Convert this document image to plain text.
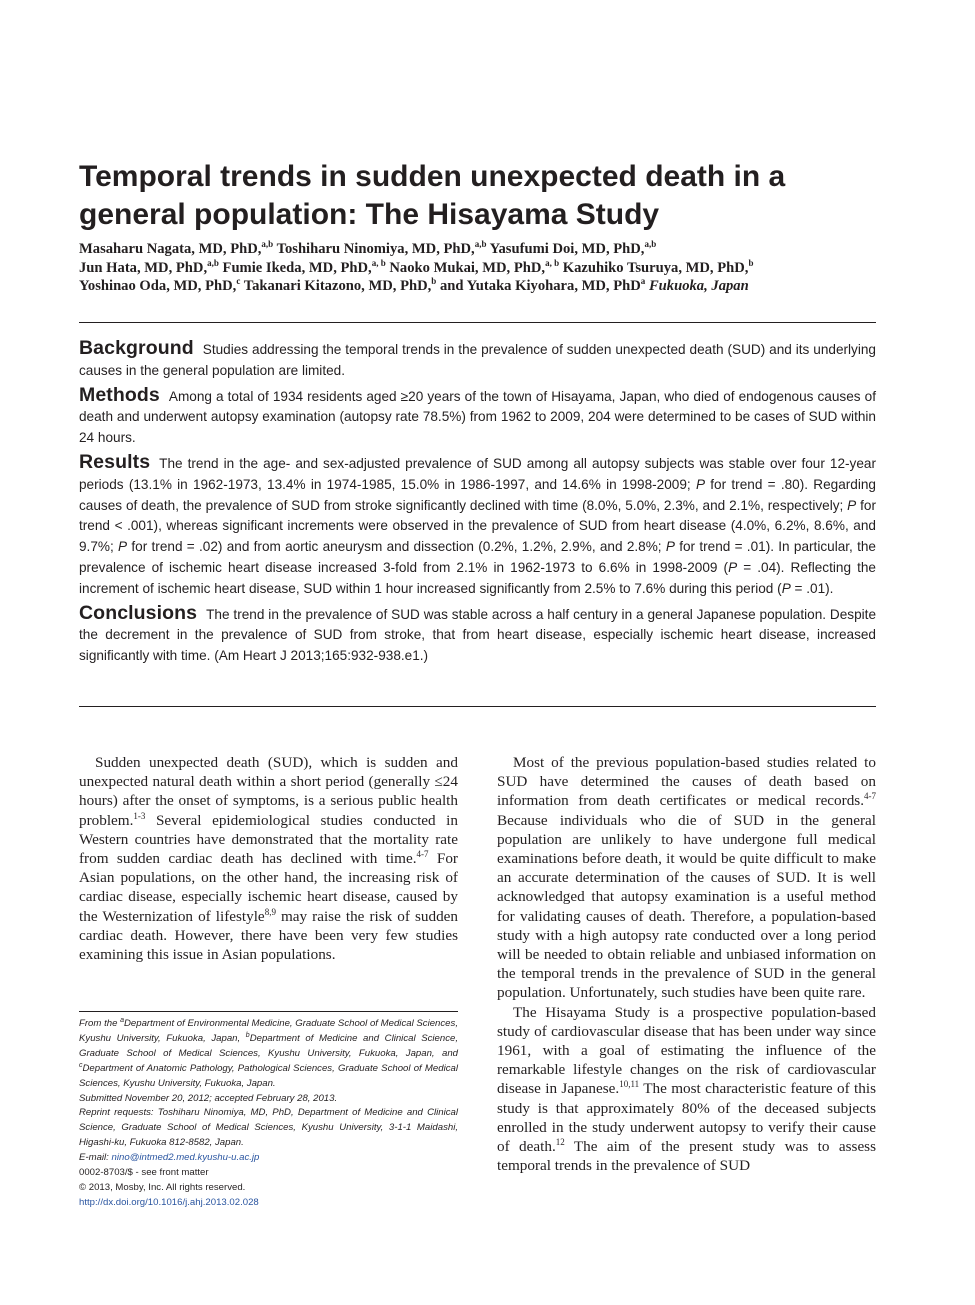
Temporal trends in sudden unexpected death in a general population: The Hisayama Study
Masaharu Nagata, MD, PhD,$^{a,b}$ Toshiharu Ninomiya, MD, PhD,$^{a,b}$ Yasufumi Doi, MD, PhD,$^{a,b}$
Jun Hata, MD, PhD,$^{a,b}$ Fumie Ikeda, MD, PhD,$^{a, b}$ Naoko Mukai, MD, PhD,$^{a, b}$ Kazuhiko Tsuruya, MD, PhD,$^b$
Yoshinao Oda, MD, PhD,$^c$ Takanari Kitazono, MD, PhD,$^b$ and Yutaka Kiyohara, MD, PhD$^a$ Fukuoka, Japan

Background Studies addressing the temporal trends in the prevalence of sudden unexpected death (SUD) and its underlying causes in the general population are limited.

Methods Among a total of 1934 residents aged ≥20 years of the town of Hisayama, Japan, who died of endogenous causes of death and underwent autopsy examination (autopsy rate 78.5%) from 1962 to 2009, 204 were determined to be cases of SUD within 24 hours.

Results The trend in the age- and sex-adjusted prevalence of SUD among all autopsy subjects was stable over four 12-year periods (13.1% in 1962-1973, 13.4% in 1974-1985, 15.0% in 1986-1997, and 14.6% in 1998-2009; P for trend = .80). Regarding causes of death, the prevalence of SUD from stroke significantly declined with time (8.0%, 5.0%, 2.3%, and 2.1%, respectively; P for trend < .001), whereas significant increments were observed in the prevalence of SUD from heart disease (4.0%, 6.2%, 8.6%, and 9.7%; P for trend = .02) and from aortic aneurysm and dissection (0.2%, 1.2%, 2.9%, and 2.8%; P for trend = .01). In particular, the prevalence of ischemic heart disease increased 3-fold from 2.1% in 1962-1973 to 6.6% in 1998-2009 (P = .04). Reflecting the increment of ischemic heart disease, SUD within 1 hour increased significantly from 2.5% to 7.6% during this period (P = .01).

Conclusions The trend in the prevalence of SUD was stable across a half century in a general Japanese population. Despite the decrement in the prevalence of SUD from stroke, that from heart disease, especially ischemic heart disease, increased significantly with time. (Am Heart J 2013;165:932-938.e1.)

Sudden unexpected death (SUD), which is sudden and unexpected natural death within a short period (generally ≤24 hours) after the onset of symptoms, is a serious public health problem.$^{1-3}$ Several epidemiological studies conducted in Western countries have demonstrated that the mortality rate from sudden cardiac death has declined with time.$^{4-7}$ For Asian populations, on the other hand, the increasing risk of cardiac disease, especially ischemic heart disease, caused by the Westernization of lifestyle$^{8,9}$ may raise the risk of sudden cardiac death. However, there have been very few studies examining this issue in Asian populations.

From the $^a$Department of Environmental Medicine, Graduate School of Medical Sciences, Kyushu University, Fukuoka, Japan, $^b$Department of Medicine and Clinical Science, Graduate School of Medical Sciences, Kyushu University, Fukuoka, Japan, and $^c$Department of Anatomic Pathology, Pathological Sciences, Graduate School of Medical Sciences, Kyushu University, Fukuoka, Japan.
Submitted November 20, 2012; accepted February 28, 2013.
Reprint requests: Toshiharu Ninomiya, MD, PhD, Department of Medicine and Clinical Science, Graduate School of Medical Sciences, Kyushu University, 3-1-1 Maidashi, Higashi-ku, Fukuoka 812-8582, Japan.
E-mail: nino@intmed2.med.kyushu-u.ac.jp
0002-8703/$ - see front matter
© 2013, Mosby, Inc. All rights reserved.
http://dx.doi.org/10.1016/j.ahj.2013.02.028

Most of the previous population-based studies related to SUD have determined the causes of death based on information from death certificates or medical records.$^{4-7}$ Because individuals who die of SUD in the general population are unlikely to have undergone full medical examinations before death, it would be quite difficult to make an accurate determination of the causes of SUD. It is well acknowledged that autopsy examination is a useful method for validating causes of death. Therefore, a population-based study with a high autopsy rate conducted over a long period will be needed to obtain reliable and unbiased information on the temporal trends in the prevalence of SUD in the general population. Unfortunately, such studies have been quite rare.

The Hisayama Study is a prospective population-based study of cardiovascular disease that has been under way since 1961, with a goal of estimating the influence of the remarkable lifestyle changes on the risk of cardiovascular disease in Japanese.$^{10,11}$ The most characteristic feature of this study is that approximately 80% of the deceased subjects enrolled in the study underwent autopsy to verify their cause of death.$^{12}$ The aim of the present study was to assess temporal trends in the prevalence of SUD
